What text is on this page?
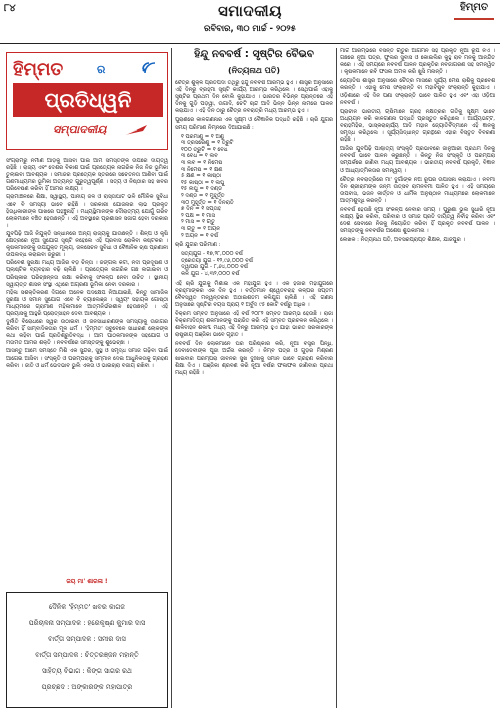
୮୪	ସମାଦକୀୟ
ରବିବାର, ୩୦ ମାର୍ଚ୍ଚ - ୨୦୨୫
ହିମ୍ମତ
ହିମ୍ମତ	ର
ପ୍ରତିଧ୍ୱନି
ସମ୍ପାଦକୀୟ

ସଂଗ୍ରାମରୁ ନିର୍ମାଣ ଆଡ଼କୁ ଆସିବା ପାଇଁ ଆମ ସମସ୍ତଙ୍କ ଉପରେ ଦାୟିତ୍ୱ ରହିଛି । ରାଜ୍ୟ ଏବଂ ଦେଶର ବିକାଶ ପାଇଁ ପ୍ରତ୍ୟେକ ନାଗରିକ ନିଜ ନିଜ ଭୂମିକା ତୁଲାଇବା ଆବଶ୍ୟକ । ସମାଜର ପ୍ରତ୍ୟେକ ସ୍ତରରେ ସଚେତନତା ଆଣିବା ପାଇଁ ଗଣମାଧ୍ୟମର ଭୂମିକା ଅତ୍ୟନ୍ତ ଗୁରୁତ୍ୱପୂର୍ଣ୍ଣ । ସତ୍ୟ ଓ ନିଷ୍ଠାର ସହ ଖବର ପରିବେଷଣ କରିବା ହିଁ ଆମର ଲକ୍ଷ୍ୟ ।

ଗ୍ରାମାଞ୍ଚଳରେ ଶିକ୍ଷା, ସ୍ୱାସ୍ଥ୍ୟ, ପାନୀୟ ଜଳ ଓ ରାସ୍ତାଘାଟ ଭଳି ମୌଳିକ ସୁବିଧା ଏବେ ବି ସମସ୍ୟା ଭାବେ ରହିଛି । ସରକାରୀ ଯୋଜନାର ଲାଭ ପ୍ରକୃତ ହିତାଧିକାରୀଙ୍କ ପାଖରେ ପହଞ୍ଚୁନାହିଁ । ମଧ୍ୟସ୍ଥିମାନଙ୍କ ଦୌରାତ୍ମ୍ୟ ଯୋଗୁଁ ଗରିବ ଲୋକମାନେ ବଞ୍ଚିତ ହେଉଛନ୍ତି । ଏହି ଅବସ୍ଥାରେ ପ୍ରଶାସନ ସଜାଗ ହେବା ଦରକାର ।

ଯୁବପିଢ଼ି ଆଜି ନିଯୁକ୍ତି ସନ୍ଧାନରେ ଅନ୍ୟ ରାଜ୍ୟକୁ ଯାଉଛନ୍ତି । ଶିଳ୍ପ ଓ କୃଷି କ୍ଷେତ୍ରରେ ନୂଆ ସୁଯୋଗ ସୃଷ୍ଟି ନହେଲେ ଏହି ପ୍ରବାସ ରୋକିବା କଷ୍ଟକର । କୃଷକମାନଙ୍କୁ ଉପଯୁକ୍ତ ମୂଲ୍ୟ, ଜଳସେଚନ ସୁବିଧା ଓ ବୈଜ୍ଞାନିକ ଚାଷ ପ୍ରଣାଳୀ ଉପଲବ୍ଧ କରାଇବା ଜରୁରୀ ।

ପରିବେଶ ସୁରକ୍ଷା ମଧ୍ୟ ଆଜିର ବଡ଼ ଚିନ୍ତା । ଜଙ୍ଗଲ କଟା, ନଦୀ ପ୍ରଦୂଷଣ ଓ ପ୍ଲାଷ୍ଟିକ ବ୍ୟବହାର ବଢ଼ି ଚାଲିଛି । ପ୍ରତ୍ୟେକ ନାଗରିକ ଗଛ ଲଗାଇବା ଓ ପରିଷ୍କାର ପରିଚ୍ଛନ୍ନତା ରକ୍ଷା କରିବାକୁ ସଂକଳ୍ପ ନେବା ଉଚିତ । ସ୍ଥାନୀୟ ସ୍ୱାୟତ୍ତ ଶାସନ ସଂସ୍ଥା ଏଥିରେ ଅଗ୍ରଣୀ ଭୂମିକା ନେବା ଦରକାର ।

ମହିଳା ସଶକ୍ତିକରଣ ଦିଗରେ ଅନେକ ପଦକ୍ଷେପ ନିଆଯାଇଛି, କିନ୍ତୁ ସାମାଜିକ ସୁରକ୍ଷା ଓ ସମାନ ସୁଯୋଗ ଏବେ ବି ଚ୍ୟାଲେଞ୍ଜ । ସ୍ୱୟଂ ସହାୟକ ଗୋଷ୍ଠୀ ମାଧ୍ୟମରେ ଗ୍ରାମୀଣ ମହିଳାମାନେ ଆତ୍ମନିର୍ଭରଶୀଳ ହେଉଛନ୍ତି । ଏହି ପ୍ରୟାସକୁ ଆହୁରି ପ୍ରୋତ୍ସାହନ ଦେବା ଆବଶ୍ୟକ ।

ଦୁର୍ନୀତି ବିରୋଧରେ ସ୍ୱର ଉଠାଇବା ଓ ଜନସାଧାରଣଙ୍କ ସମସ୍ୟାକୁ ଉଜାଗର କରିବା ହିଁ ସାମ୍ବାଦିକତାର ମୂଳ ଧର୍ମ । 'ହିମ୍ମତ' ସବୁବେଳେ ସାଧାରଣ ଲୋକଙ୍କ କଥା କହିବା ପାଇଁ ପ୍ରତିଶ୍ରୁତିବଦ୍ଧ । ଆମ ପାଠକମାନଙ୍କ ସହଯୋଗ ଓ ମତାମତ ଆମର ଶକ୍ତି । ନବବର୍ଷରେ ସମସ୍ତଙ୍କୁ ଶୁଭେଚ୍ଛା ।

ଆସନ୍ତୁ ଆମେ ସମସ୍ତେ ମିଶି ଏକ ସୁନ୍ଦର, ସୁସ୍ଥ ଓ ସମୃଦ୍ଧ ସମାଜ ଗଢ଼ିବା ପାଇଁ ଆଗେଇ ଆସିବା । ସଂସ୍କୃତି ଓ ପରମ୍ପରାକୁ ସମ୍ମାନ ଦେଇ ଆଧୁନିକତାକୁ ଗ୍ରହଣ କରିବା । ଜାତି ଓ ଧର୍ମ ଭେଦଭାବ ଭୁଲି ଏକତା ଓ ଭାଇଚାରା ବଜାୟ ରଖିବା ।

ଜୟ ମା' ଶାରଳା !
ଦୈନିକ 'ହିମ୍ମତ' ଖବର କାଗଜ
ପରିଚାଳନା ସମ୍ପାଦକ : ହରେକୃଷ୍ଣ କୁମାର ଦାସ
ବାର୍ତ୍ତା ସମ୍ପାଦକ : ସମୀର ଦାସ
ବାର୍ତ୍ତା ସମ୍ପାଦକ : ଚିତ୍ତରଞ୍ଜନ ମହାନ୍ତି
ସାହିତ୍ୟ ବିଭାଗ : କିଙ୍ଗ ସାଗର ରଥ
ପ୍ରଚ୍ଛଦ : ଅଙ୍କାରଙ୍କ ମହାପାତ୍ର
ହିନ୍ଦୁ ନବବର୍ଷ : ସୃଷ୍ଟିର ବୈଭବ
(ନିତ୍ୟନାଥ ପତି)

ଚୈତ୍ର ଶୁକ୍ଳ ପ୍ରତିପଦା ତିଥିରୁ ହିନ୍ଦୁ ନବବର୍ଷ ଆରମ୍ଭ ହୁଏ । ଶାସ୍ତ୍ର ଅନୁସାରେ ଏହି ଦିନରୁ ବ୍ରହ୍ମା ସୃଷ୍ଟି କାର୍ଯ୍ୟ ଆରମ୍ଭ କରିଥିଲେ । ସେଥିପାଇଁ ଏହାକୁ ସୃଷ୍ଟିର ପ୍ରଥମ ଦିନ ବୋଲି କୁହାଯାଏ । ଭାରତର ବିଭିନ୍ନ ପ୍ରାନ୍ତରେ ଏହି ଦିନକୁ ଗୁଡ଼ି ପଡ଼ୱା, ଉଗାଦି, ଚେଟି ଚାନ୍ଦ ଆଦି ଭିନ୍ନ ଭିନ୍ନ ନାମରେ ପାଳନ କରାଯାଏ । ଏହି ଦିନ ଠାରୁ ଚୈତ୍ର ନବରାତ୍ରି ମଧ୍ୟ ଆରମ୍ଭ ହୁଏ ।

ପୁରାଣରେ କାଳଗଣନାର ଏକ ସୂକ୍ଷ୍ମ ଓ ବୈଜ୍ଞାନିକ ପଦ୍ଧତି ରହିଛି । ଚାରି ଯୁଗର ସମୟ ପରିମାଣ ନିମ୍ନରେ ଦିଆଯାଇଛି :

୧ ପରମାଣୁ = ୧ ଅଣୁ
୩ ତ୍ରସରେଣୁ = ୧ ତ୍ରୁଟି
୧୦୦ ତ୍ରୁଟି = ୧ ବେଧ
୩ ବେଧ = ୧ ଲବ
୩ ଲବ = ୧ ନିମେଷ
୩ ନିମେଷ = ୧ କ୍ଷଣ
୫ କ୍ଷଣ = ୧ କାଷ୍ଠା
୧୫ କାଷ୍ଠା = ୧ ଲଘୁ
୧୫ ଲଘୁ = ୧ ଦଣ୍ଡ
୨ ଦଣ୍ଡ = ୧ ମୁହୂର୍ତ୍ତ
୩୦ ମୁହୂର୍ତ୍ତ = ୧ ଦିନରାତି
୭ ଦିନ = ୧ ସପ୍ତାହ
୨ ପକ୍ଷ = ୧ ମାସ
୨ ମାସ = ୧ ଋତୁ
୩ ଋତୁ = ୧ ଅୟନ
୨ ଅୟନ = ୧ ବର୍ଷ

ଚାରି ଯୁଗର ପରିମାଣ :

ସତ୍ୟଯୁଗ - ୧୭,୨୮,୦୦୦ ବର୍ଷ
ତ୍ରେତୟା ଯୁଗ - ୧୨,୯୬,୦୦୦ ବର୍ଷ
ଦ୍ୱାପର ଯୁଗ - ୮,୬୪,୦୦୦ ବର୍ଷ
କଳି ଯୁଗ - ୪,୩୨,୦୦୦ ବର୍ଷ

ଏହି ଚାରି ଯୁଗକୁ ମିଶାଇ ଏକ ମହାଯୁଗ ହୁଏ । ଏକ ହଜାର ମହାଯୁଗରେ ବ୍ରହ୍ମାଙ୍କର ଏକ ଦିନ ହୁଏ । ବର୍ତ୍ତମାନ ଶ୍ୱେତବରାହ କଳ୍ପର ସପ୍ତମ ବୈବସ୍ୱତ ମନ୍ୱନ୍ତରର ଅଠାଇଶତମ କଳିଯୁଗ ଚାଲିଛି । ଏହି ଗଣନା ଅନୁସାରେ ସୃଷ୍ଟିର ବୟସ ପ୍ରାୟ ୧ ଅର୍ବୁଦ ୯୫ କୋଟି ବର୍ଷରୁ ଅଧିକ ।

ବିକ୍ରମ ସମ୍ବତ ଅନୁସାରେ ଏହି ବର୍ଷ ୨୦୮୨ ସମ୍ବତ ଆରମ୍ଭ ହେଉଛି । ରାଜା ବିକ୍ରମାଦିତ୍ୟ ଶକମାନଙ୍କୁ ପରାଜିତ କରି ଏହି ସମ୍ବତ ପ୍ରଚଳନ କରିଥିଲେ । ଶାଳିବାହନ ଶକାବ୍ଦ ମଧ୍ୟ ଏହି ଦିନରୁ ଆରମ୍ଭ ହୁଏ ଯାହା ଭାରତ ସରକାରଙ୍କ ରାଷ୍ଟ୍ରୀୟ ପଞ୍ଜିକା ଭାବେ ଗୃହୀତ ।

ନବବର୍ଷ ଦିନ ଲୋକମାନେ ଘର ପରିଷ୍କାର କରି, ନୂଆ ବସ୍ତ୍ର ପିନ୍ଧି, ଦେବାଦେବୀଙ୍କ ପୂଜା ଅର୍ଚ୍ଚନା କରନ୍ତି । ନିମ୍ବ ପତ୍ର ଓ ଗୁଡ଼ର ମିଶ୍ରଣ ଖାଇବାର ପରମ୍ପରା ଜୀବନର ସୁଖ ଦୁଃଖକୁ ସମାନ ଭାବେ ଗ୍ରହଣ କରିବାର ଶିକ୍ଷା ଦିଏ । ପଞ୍ଜିକା ଶ୍ରବଣ କରି ନୂଆ ବର୍ଷର ଫଳାଫଳ ଜାଣିବାର ପ୍ରଥା ମଧ୍ୟ ରହିଛି ।

ମାର୍ଚ୍ଚ ଆରମ୍ଭରେ ବସନ୍ତ ଋତୁର ଆଗମନ ସହ ପ୍ରକୃତି ନୂଆ ରୂପ ନିଏ । ଗଛରେ ନୂଆ ପତ୍ର, ଫୁଲର ସୁବାସ ଓ କୋଇଲିର କୁହୁ ରାବ ମନକୁ ଆନନ୍ଦିତ କରେ । ଏହି ସମୟରେ ନବବର୍ଷ ପାଳନ ପ୍ରକୃତିର ନବଜାଗରଣ ସହ ସମନ୍ୱିତ । କୃଷକମାନେ ରବି ଫସଲ ଅମଳ କରି ଖୁସି ମନାନ୍ତି ।

ଜ୍ୟୋତିଷ ଶାସ୍ତ୍ର ଅନୁସାରେ ଚୈତ୍ର ମାସରେ ସୂର୍ଯ୍ୟ ମେଷ ରାଶିକୁ ପ୍ରବେଶ କରନ୍ତି । ଏହାକୁ ମେଷ ସଂକ୍ରାନ୍ତି ବା ମହାବିଷୁବ ସଂକ୍ରାନ୍ତି କୁହାଯାଏ । ଓଡ଼ିଶାରେ ଏହି ଦିନ ପଣା ସଂକ୍ରାନ୍ତି ଭାବେ ପାଳିତ ହୁଏ ଏବଂ ଏହା ଓଡ଼ିଆ ନବବର୍ଷ ।

ପ୍ରାଚୀନ ଭାରତୀୟ ଋଷିମାନେ ଗ୍ରହ ନକ୍ଷତ୍ରର ଗତିକୁ ସୂକ୍ଷ୍ମ ଭାବେ ଅଧ୍ୟୟନ କରି କାଳଗଣନା ପଦ୍ଧତି ପ୍ରସ୍ତୁତ କରିଥିଲେ । ଆର୍ଯ୍ୟଭଟ୍ଟ, ବରାହମିହିର, ଭାସ୍କରାଚାର୍ଯ୍ୟ ଆଦି ମହାନ ଜ୍ୟୋତିର୍ବିଦ୍ମାନେ ଏହି ଜ୍ଞାନକୁ ସମୃଦ୍ଧ କରିଥିଲେ । ସୂର୍ଯ୍ୟସିଦ୍ଧାନ୍ତ ଗ୍ରନ୍ଥରେ ଏହାର ବିସ୍ତୃତ ବିବରଣୀ ରହିଛି ।

ଆଜିର ଯୁବପିଢ଼ି ପାଶ୍ଚାତ୍ୟ ସଂସ୍କୃତି ପ୍ରଭାବରେ ଜାନୁଆରୀ ପ୍ରଥମ ଦିନକୁ ନବବର୍ଷ ଭାବେ ପାଳନ କରୁଛନ୍ତି । କିନ୍ତୁ ନିଜ ସଂସ୍କୃତି ଓ ପରମ୍ପରା ସମ୍ପର୍କରେ ଜାଣିବା ମଧ୍ୟ ଆବଶ୍ୟକ । ଭାରତୀୟ ନବବର୍ଷ ପ୍ରକୃତି, ବିଜ୍ଞାନ ଓ ଆଧ୍ୟାତ୍ମିକତାର ସମନ୍ୱୟ ।

ଚୈତ୍ର ନବରାତ୍ରିରେ ମା' ଦୁର୍ଗାଙ୍କ ନଅ ରୂପର ଉପାସନା କରାଯାଏ । ନବମୀ ଦିନ ଶ୍ରୀରାମଙ୍କ ଜନ୍ମ ଉତ୍ସବ ରାମନବମୀ ପାଳିତ ହୁଏ । ଏହି ସମୟରେ ଉପବାସ, ଭଜନ କୀର୍ତ୍ତନ ଓ ଧାର୍ମିକ ଅନୁଷ୍ଠାନ ମାଧ୍ୟମରେ ଲୋକମାନେ ଆତ୍ମଶୁଦ୍ଧି କରନ୍ତି ।

ନବବର୍ଷ ହେଉଛି ନୂଆ ସଂକଳ୍ପ ନେବାର ସମୟ । ପୁରୁଣା ଭୁଲ ସୁଧାରି ନୂଆ ଲକ୍ଷ୍ୟ ସ୍ଥିର କରିବା, ପରିବାର ଓ ସମାଜ ପ୍ରତି ଦାୟିତ୍ୱ ନିର୍ବାହ କରିବା ଏବଂ ଦେଶ ସେବାରେ ନିଜକୁ ନିୟୋଜିତ କରିବା ହିଁ ପ୍ରକୃତ ନବବର୍ଷ ପାଳନ । ସମସ୍ତଙ୍କୁ ନବବର୍ଷର ଅଶେଷ ଶୁଭକାମନା ।

ଲେଖକ : ନିତ୍ୟନାଥ ପତି, ଅବସରପ୍ରାପ୍ତ ଶିକ୍ଷକ, ଯାଜପୁର ।
